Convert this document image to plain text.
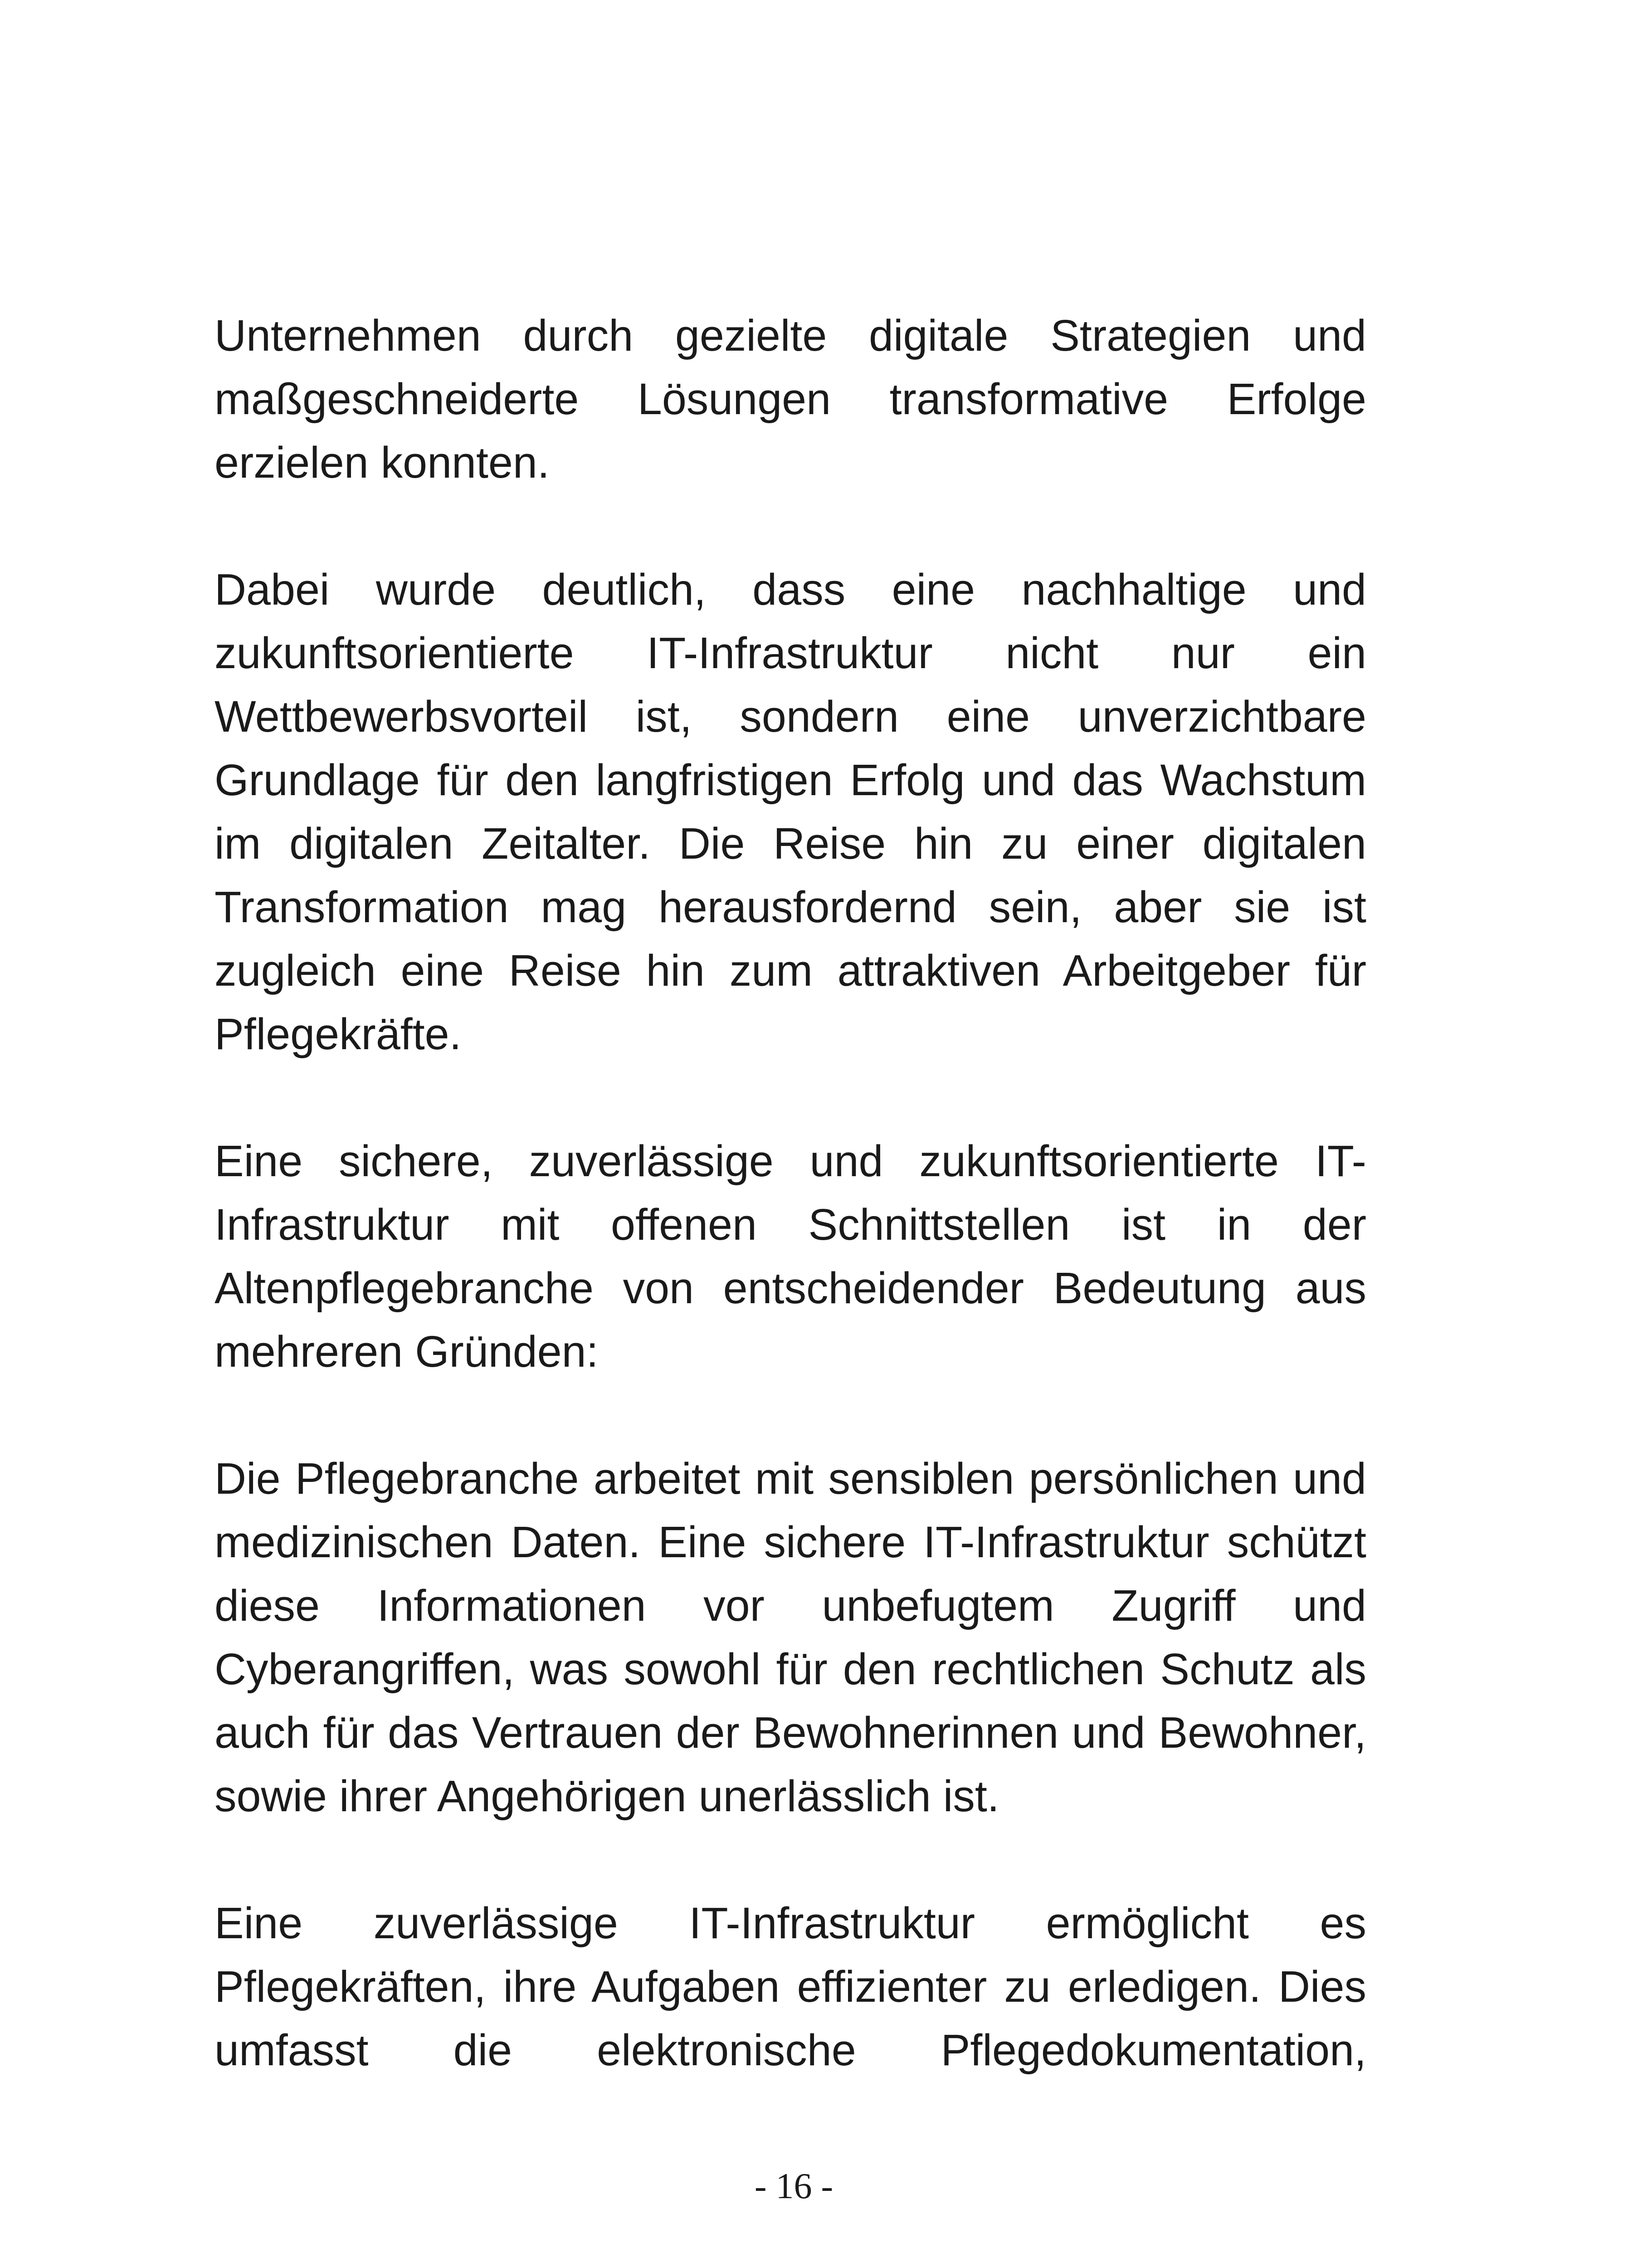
Unternehmen durch gezielte digitale Strategien und maßgeschneiderte Lösungen transformative Erfolge erzielen konnten.

Dabei wurde deutlich, dass eine nachhaltige und zukunftsorientierte IT-Infrastruktur nicht nur ein Wettbewerbsvorteil ist, sondern eine unverzichtbare Grundlage für den langfristigen Erfolg und das Wachstum im digitalen Zeitalter. Die Reise hin zu einer digitalen Transformation mag herausfordernd sein, aber sie ist zugleich eine Reise hin zum attraktiven Arbeitgeber für Pflegekräfte.

Eine sichere, zuverlässige und zukunftsorientierte IT-Infrastruktur mit offenen Schnittstellen ist in der Altenpflegebranche von entscheidender Bedeutung aus mehreren Gründen:

Die Pflegebranche arbeitet mit sensiblen persönlichen und medizinischen Daten. Eine sichere IT-Infrastruktur schützt diese Informationen vor unbefugtem Zugriff und Cyberangriffen, was sowohl für den rechtlichen Schutz als auch für das Vertrauen der Bewohnerinnen und Bewohner, sowie ihrer Angehörigen unerlässlich ist.

Eine zuverlässige IT-Infrastruktur ermöglicht es Pflegekräften, ihre Aufgaben effizienter zu erledigen. Dies umfasst die elektronische Pflegedokumentation,

- 16 -
